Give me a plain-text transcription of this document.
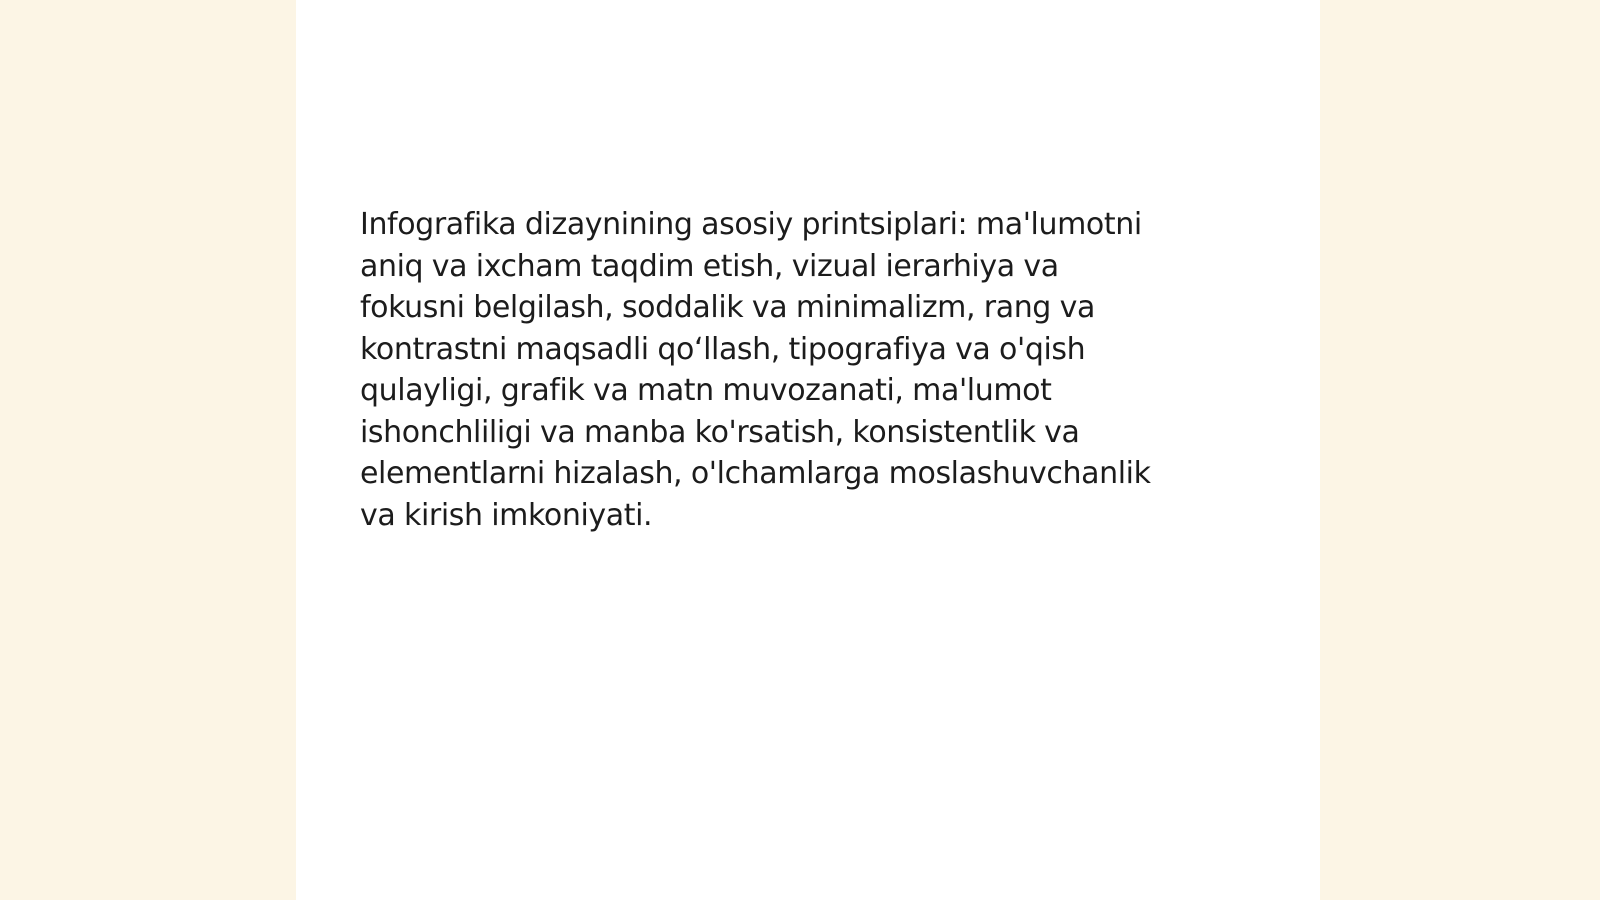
Infografika dizaynining asosiy printsiplari: ma'lumotni
aniq va ixcham taqdim etish, vizual ierarhiya va
fokusni belgilash, soddalik va minimalizm, rang va
kontrastni maqsadli qo‘llash, tipografiya va o'qish
qulayligi, grafik va matn muvozanati, ma'lumot
ishonchliligi va manba ko'rsatish, konsistentlik va
elementlarni hizalash, o'lchamlarga moslashuvchanlik
va kirish imkoniyati.
